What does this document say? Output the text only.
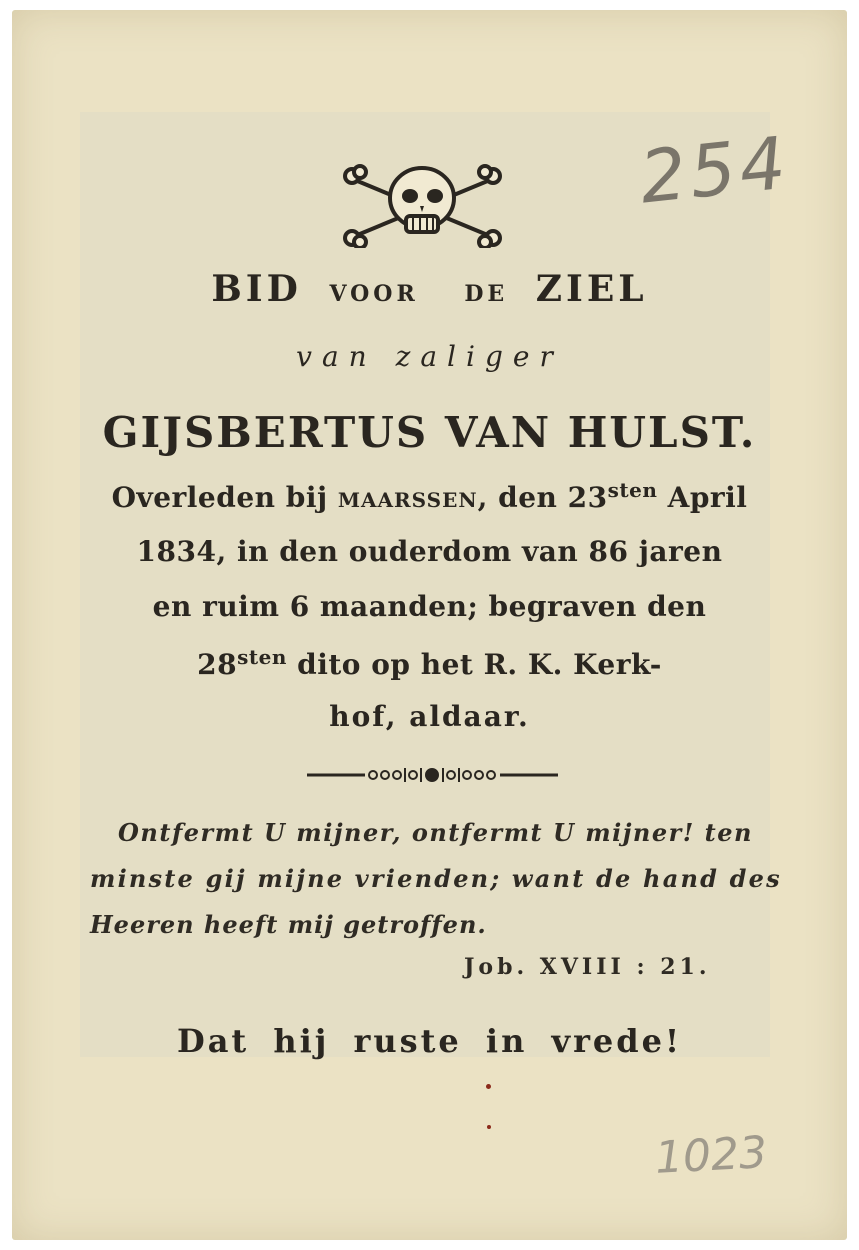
BID VOOR DE ZIEL
van zaliger
GIJSBERTUS VAN HULST.
Overleden bij MAARSSEN, den $23^{sten}$ April
1834, in den ouderdom van 86 jaren
en ruim 6 maanden; begraven den
$28^{sten}$ dito op het R. K. Kerk-
hof, aldaar.
Ontfermt U mijner, ontfermt U mijner! ten
minste gij mijne vrienden; want de hand des
Heeren heeft mij getroffen.
Job. XVIII : 21.
Dat hij ruste in vrede!
254
1023
